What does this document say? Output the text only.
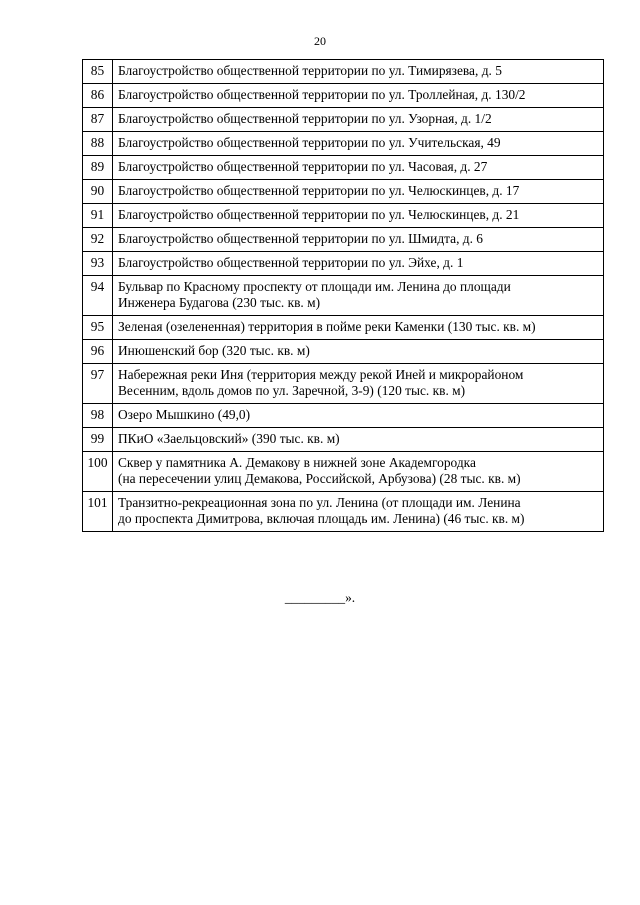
20
85	Благоустройство общественной территории по ул. Тимирязева, д. 5
86	Благоустройство общественной территории по ул. Троллейная, д. 130/2
87	Благоустройство общественной территории по ул. Узорная, д. 1/2
88	Благоустройство общественной территории по ул. Учительская, 49
89	Благоустройство общественной территории по ул. Часовая, д. 27
90	Благоустройство общественной территории по ул. Челюскинцев, д. 17
91	Благоустройство общественной территории по ул. Челюскинцев, д. 21
92	Благоустройство общественной территории по ул. Шмидта, д. 6
93	Благоустройство общественной территории по ул. Эйхе, д. 1
94	Бульвар по Красному проспекту от площади им. Ленина до площади
Инженера Будагова (230 тыс. кв. м)
95	Зеленая (озелененная) территория в пойме реки Каменки (130 тыс. кв. м)
96	Инюшенский бор (320 тыс. кв. м)
97	Набережная реки Иня (территория между рекой Иней и микрорайоном
Весенним, вдоль домов по ул. Заречной, 3-9) (120 тыс. кв. м)
98	Озеро Мышкино (49,0)
99	ПКиО «Заельцовский» (390 тыс. кв. м)
100	Сквер у памятника А. Демакову в нижней зоне Академгородка
(на пересечении улиц Демакова, Российской, Арбузова) (28 тыс. кв. м)
101	Транзитно-рекреационная зона по ул. Ленина (от площади им. Ленина
до проспекта Димитрова, включая площадь им. Ленина) (46 тыс. кв. м)
_________».
